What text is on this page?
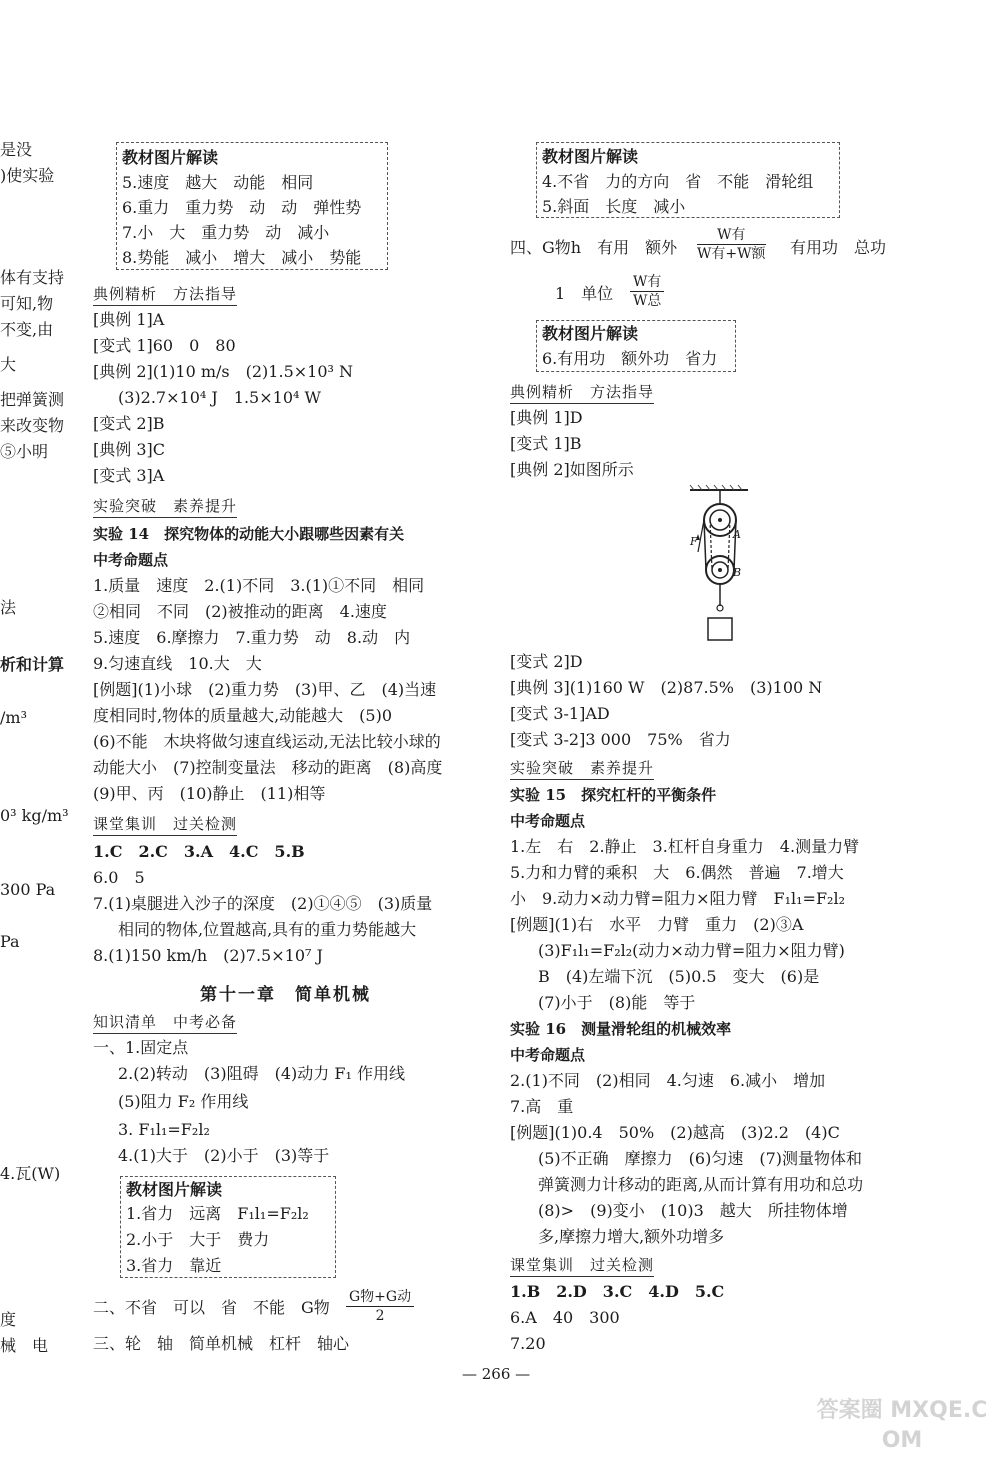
是没
)使实验
体有支持
可知,物
不变,由
大
把弹簧测
来改变物
⑤小明
法
析和计算
/m³
0³ kg/m³
300 Pa
Pa
4.瓦(W)
度
械　电
教材图片解读
5.速度　越大　动能　相同
6.重力　重力势　动　动　弹性势
7.小　大　重力势　动　减小
8.势能　减小　增大　减小　势能
典例精析　方法指导
[典例 1]A
[变式 1]60　0　80
[典例 2](1)10 m/s　(2)1.5×10³ N
(3)2.7×10⁴ J　1.5×10⁴ W
[变式 2]B
[典例 3]C
[变式 3]A
实验突破　素养提升
实验 14　探究物体的动能大小跟哪些因素有关
中考命题点
1.质量　速度　2.(1)不同　3.(1)①不同　相同
②相同　不同　(2)被推动的距离　4.速度
5.速度　6.摩擦力　7.重力势　动　8.动　内
9.匀速直线　10.大　大
[例题](1)小球　(2)重力势　(3)甲、乙　(4)当速
度相同时,物体的质量越大,动能越大　(5)0
(6)不能　木块将做匀速直线运动,无法比较小球的
动能大小　(7)控制变量法　移动的距离　(8)高度
(9)甲、丙　(10)静止　(11)相等
课堂集训　过关检测
1.C　2.C　3.A　4.C　5.B
6.0　5
7.(1)桌腿进入沙子的深度　(2)①④⑤　(3)质量
相同的物体,位置越高,具有的重力势能越大
8.(1)150 km/h　(2)7.5×10⁷ J
第十一章　简单机械
知识清单　中考必备
一、1.固定点
2.(2)转动　(3)阻碍　(4)动力 F₁ 作用线
(5)阻力 F₂ 作用线
3. F₁l₁=F₂l₂
4.(1)大于　(2)小于　(3)等于
教材图片解读
1.省力　远离　F₁l₁=F₂l₂
2.小于　大于　费力
3.省力　靠近
二、不省　可以　省　不能　G物
G物+G动
2
三、轮　轴　简单机械　杠杆　轴心
教材图片解读
4.不省　力的方向　省　不能　滑轮组
5.斜面　长度　减小
四、G物h　有用　额外
W有
W有+W额 有用功　总功
1　单位
W有
W总
教材图片解读
6.有用功　额外功　省力
典例精析　方法指导
[典例 1]D
[变式 1]B
[典例 2]如图所示
F
A
B
[变式 2]D
[典例 3](1)160 W　(2)87.5%　(3)100 N
[变式 3-1]AD
[变式 3-2]3 000　75%　省力
实验突破　素养提升
实验 15　探究杠杆的平衡条件
中考命题点
1.左　右　2.静止　3.杠杆自身重力　4.测量力臂
5.力和力臂的乘积　大　6.偶然　普遍　7.增大
小　9.动力×动力臂=阻力×阻力臂　F₁l₁=F₂l₂
[例题](1)右　水平　力臂　重力　(2)③A
(3)F₁l₁=F₂l₂(动力×动力臂=阻力×阻力臂)
B　(4)左端下沉　(5)0.5　变大　(6)是
(7)小于　(8)能　等于
实验 16　测量滑轮组的机械效率
中考命题点
2.(1)不同　(2)相同　4.匀速　6.减小　增加
7.高　重
[例题](1)0.4　50%　(2)越高　(3)2.2　(4)C
(5)不正确　摩擦力　(6)匀速　(7)测量物体和
弹簧测力计移动的距离,从而计算有用功和总功
(8)>　(9)变小　(10)3　越大　所挂物体增
多,摩擦力增大,额外功增多
课堂集训　过关检测
1.B　2.D　3.C　4.D　5.C
6.A　40　300
7.20
— 266 —
答案圈 MXQE.COM
